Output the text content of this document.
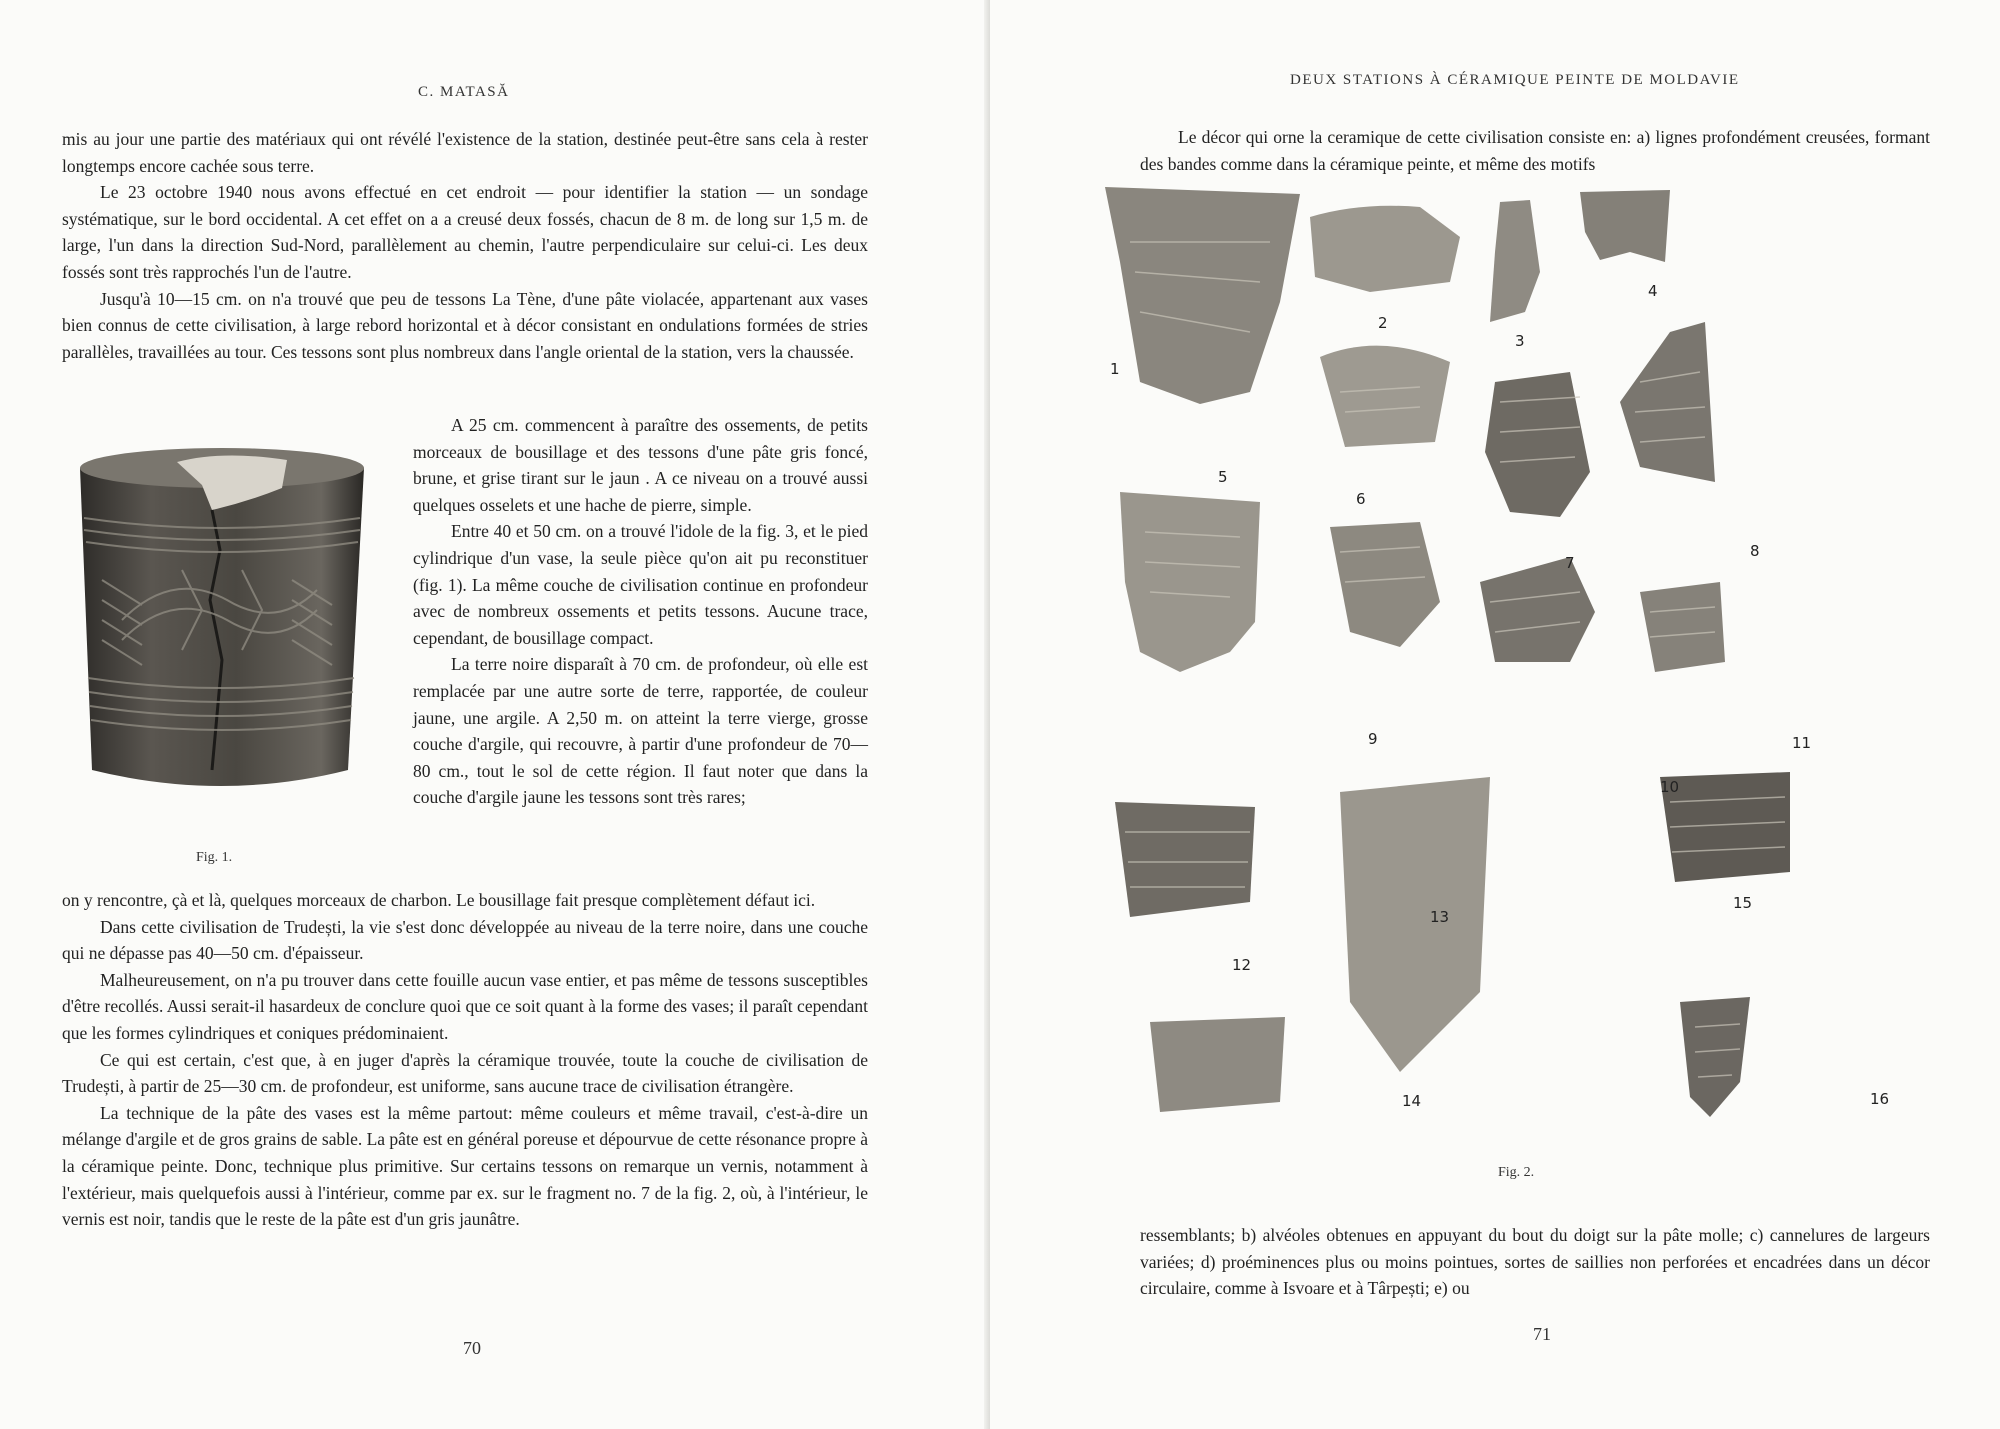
C. MATASĂ

mis au jour une partie des matériaux qui ont révélé l'existence de la station, destinée peut-être sans cela à rester longtemps encore cachée sous terre.

Le 23 octobre 1940 nous avons effectué en cet endroit — pour identifier la station — un sondage systématique, sur le bord occidental. A cet effet on a a creusé deux fossés, chacun de 8 m. de long sur 1,5 m. de large, l'un dans la direction Sud-Nord, parallèlement au chemin, l'autre perpendiculaire sur celui-ci. Les deux fossés sont très rapprochés l'un de l'autre.

Jusqu'à 10—15 cm. on n'a trouvé que peu de tessons La Tène, d'une pâte violacée, appartenant aux vases bien connus de cette civilisation, à large rebord horizontal et à décor consistant en ondulations formées de stries parallèles, travaillées au tour. Ces tessons sont plus nombreux dans l'angle oriental de la station, vers la chaussée.

A 25 cm. commencent à paraître des ossements, de petits morceaux de bousillage et des tessons d'une pâte gris foncé, brune, et grise tirant sur le jaun . A ce niveau on a trouvé aussi quelques osselets et une hache de pierre, simple.

Entre 40 et 50 cm. on a trouvé l'idole de la fig. 3, et le pied cylindrique d'un vase, la seule pièce qu'on ait pu reconstituer (fig. 1). La même couche de civilisation continue en profondeur avec de nombreux ossements et petits tessons. Aucune trace, cependant, de bousillage compact.

La terre noire disparaît à 70 cm. de profondeur, où elle est remplacée par une autre sorte de terre, rapportée, de couleur jaune, une argile. A 2,50 m. on atteint la terre vierge, grosse couche d'argile, qui recouvre, à partir d'une profondeur de 70—80 cm., tout le sol de cette région. Il faut noter que dans la couche d'argile jaune les tessons sont très rares;

Fig. 1.

on y rencontre, çà et là, quelques morceaux de charbon. Le bousillage fait presque complètement défaut ici.

Dans cette civilisation de Trudești, la vie s'est donc développée au niveau de la terre noire, dans une couche qui ne dépasse pas 40—50 cm. d'épaisseur.

Malheureusement, on n'a pu trouver dans cette fouille aucun vase entier, et pas même de tessons susceptibles d'être recollés. Aussi serait-il hasardeux de conclure quoi que ce soit quant à la forme des vases; il paraît cependant que les formes cylindriques et coniques prédominaient.

Ce qui est certain, c'est que, à en juger d'après la céramique trouvée, toute la couche de civilisation de Trudești, à partir de 25—30 cm. de profondeur, est uniforme, sans aucune trace de civilisation étrangère.

La technique de la pâte des vases est la même partout: même couleurs et même travail, c'est-à-dire un mélange d'argile et de gros grains de sable. La pâte est en général poreuse et dépourvue de cette résonance propre à la céramique peinte. Donc, technique plus primitive. Sur certains tessons on remarque un vernis, notamment à l'extérieur, mais quelquefois aussi à l'intérieur, comme par ex. sur le fragment no. 7 de la fig. 2, où, à l'intérieur, le vernis est noir, tandis que le reste de la pâte est d'un gris jaunâtre.

70
DEUX STATIONS À CÉRAMIQUE PEINTE DE MOLDAVIE

Le décor qui orne la ceramique de cette civilisation consiste en: a) lignes profondément creusées, formant des bandes comme dans la céramique peinte, et même des motifs

1
2
3
4
5
6
7
8
9
10
11
12
13
14
15
16
Fig. 2.

ressemblants; b) alvéoles obtenues en appuyant du bout du doigt sur la pâte molle; c) cannelures de largeurs variées; d) proéminences plus ou moins pointues, sortes de saillies non perforées et encadrées dans un décor circulaire, comme à Isvoare et à Târpești; e) ou

71
